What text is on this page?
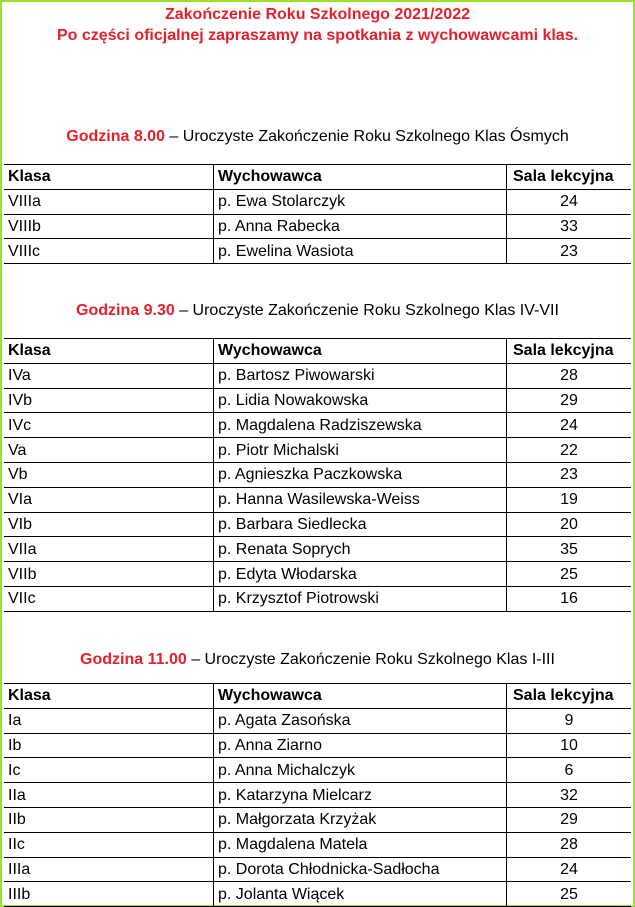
Zakończenie Roku Szkolnego 2021/2022
Po części oficjalnej zapraszamy na spotkania z wychowawcami klas.
Godzina 8.00 – Uroczyste Zakończenie Roku Szkolnego Klas Ósmych
Klasa	Wychowawca	Sala lekcyjna
VIIIa	p. Ewa Stolarczyk	24
VIIIb	p. Anna Rabecka	33
VIIIc	p. Ewelina Wasiota	23
Godzina 9.30 – Uroczyste Zakończenie Roku Szkolnego Klas IV-VII
Klasa	Wychowawca	Sala lekcyjna
IVa	p. Bartosz Piwowarski	28
IVb	p. Lidia Nowakowska	29
IVc	p. Magdalena Radziszewska	24
Va	p. Piotr Michalski	22
Vb	p. Agnieszka Paczkowska	23
VIa	p. Hanna Wasilewska-Weiss	19
VIb	p. Barbara Siedlecka	20
VIIa	p. Renata Soprych	35
VIIb	p. Edyta Włodarska	25
VIIc	p. Krzysztof Piotrowski	16
Godzina 11.00 – Uroczyste Zakończenie Roku Szkolnego Klas I-III
Klasa	Wychowawca	Sala lekcyjna
Ia	p. Agata Zasońska	9
Ib	p. Anna Ziarno	10
Ic	p. Anna Michalczyk	6
IIa	p. Katarzyna Mielcarz	32
IIb	p. Małgorzata Krzyżak	29
IIc	p. Magdalena Matela	28
IIIa	p. Dorota Chłodnicka-Sadłocha	24
IIIb	p. Jolanta Wiącek	25
